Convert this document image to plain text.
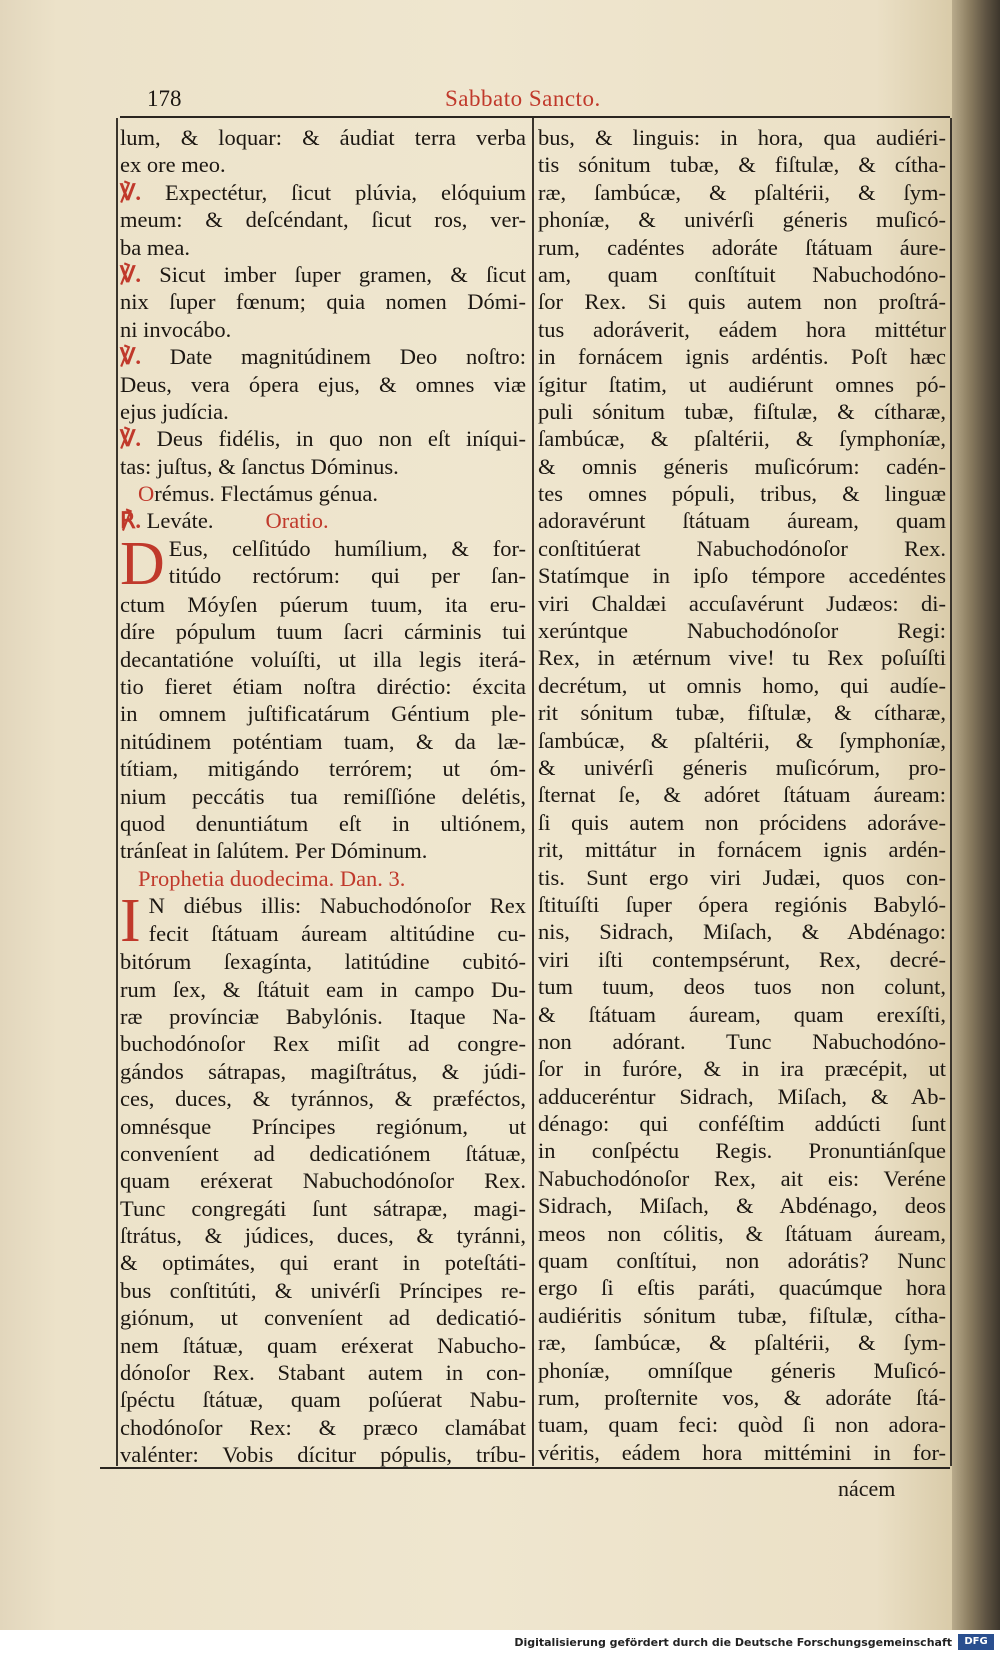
178	Sabbato Sancto.
lum, & loquar: & áudiat terra verba
ex ore meo.
℣. Expectétur, ſicut plúvia, elóquium
meum: & deſcéndant, ſicut ros, ver-
ba mea.
℣. Sicut imber ſuper gramen, & ſicut
nix ſuper fœnum; quia nomen Dómi-
ni invocábo.
℣. Date magnitúdinem Deo noſtro:
Deus, vera ópera ejus, & omnes viæ
ejus judícia.
℣. Deus fidélis, in quo non eſt iníqui-
tas: juſtus, & ſanctus Dóminus.
Orémus. Flectámus génua.
℟. Leváte. Oratio.
D Eus, celſitúdo humílium, & for-
titúdo rectórum: qui per ſan-
ctum Móyſen púerum tuum, ita eru-
díre pópulum tuum ſacri cárminis tui
decantatióne voluíſti, ut illa legis iterá-
tio fieret étiam noſtra diréctio: éxcita
in omnem juſtificatárum Géntium ple-
nitúdinem poténtiam tuam, & da læ-
títiam, mitigándo terrórem; ut óm-
nium peccátis tua remiſſióne delétis,
quod denuntiátum eſt in ultiónem,
tránſeat in ſalútem. Per Dóminum.
Prophetia duodecima. Dan. 3.
I N diébus illis: Nabuchodónoſor Rex
fecit ſtátuam áuream altitúdine cu-
bitórum ſexagínta, latitúdine cubitó-
rum ſex, & ſtátuit eam in campo Du-
ræ provínciæ Babylónis. Itaque Na-
buchodónoſor Rex miſit ad congre-
gándos sátrapas, magiſtrátus, & júdi-
ces, duces, & tyránnos, & præféctos,
omnésque Príncipes regiónum, ut
conveníent ad dedicatiónem ſtátuæ,
quam eréxerat Nabuchodónoſor Rex.
Tunc congregáti ſunt sátrapæ, magi-
ſtrátus, & júdices, duces, & tyránni,
& optimátes, qui erant in poteſtáti-
bus conſtitúti, & univérſi Príncipes re-
giónum, ut conveníent ad dedicatió-
nem ſtátuæ, quam eréxerat Nabucho-
dónoſor Rex. Stabant autem in con-
ſpéctu ſtátuæ, quam poſúerat Nabu-
chodónoſor Rex: & præco clamábat
valénter: Vobis dícitur pópulis, tríbu-
bus, & linguis: in hora, qua audiéri-
tis sónitum tubæ, & fiſtulæ, & cítha-
ræ, ſambúcæ, & pſaltérii, & ſym-
phoníæ, & univérſi géneris muſicó-
rum, cadéntes adoráte ſtátuam áure-
am, quam conſtítuit Nabuchodóno-
ſor Rex. Si quis autem non proſtrá-
tus adoráverit, eádem hora mittétur
in fornácem ignis ardéntis. Poſt hæc
ígitur ſtatim, ut audiérunt omnes pó-
puli sónitum tubæ, fiſtulæ, & cítharæ,
ſambúcæ, & pſaltérii, & ſymphoníæ,
& omnis géneris muſicórum: cadén-
tes omnes pópuli, tribus, & linguæ
adoravérunt ſtátuam áuream, quam
conſtitúerat Nabuchodónoſor Rex.
Statímque in ipſo témpore accedéntes
viri Chaldæi accuſavérunt Judæos: di-
xerúntque Nabuchodónoſor Regi:
Rex, in ætérnum vive! tu Rex poſuíſti
decrétum, ut omnis homo, qui audíe-
rit sónitum tubæ, fiſtulæ, & cítharæ,
ſambúcæ, & pſaltérii, & ſymphoníæ,
& univérſi géneris muſicórum, pro-
ſternat ſe, & adóret ſtátuam áuream:
ſi quis autem non prócidens adoráve-
rit, mittátur in fornácem ignis ardén-
tis. Sunt ergo viri Judæi, quos con-
ſtituíſti ſuper ópera regiónis Babyló-
nis, Sidrach, Miſach, & Abdénago:
viri iſti contempsérunt, Rex, decré-
tum tuum, deos tuos non colunt,
& ſtátuam áuream, quam erexíſti,
non adórant. Tunc Nabuchodóno-
ſor in furóre, & in ira præcépit, ut
adduceréntur Sidrach, Miſach, & Ab-
dénago: qui conféſtim addúcti ſunt
in conſpéctu Regis. Pronuntiánſque
Nabuchodónoſor Rex, ait eis: Veréne
Sidrach, Miſach, & Abdénago, deos
meos non cólitis, & ſtátuam áuream,
quam conſtítui, non adorátis? Nunc
ergo ſi eſtis paráti, quacúmque hora
audiéritis sónitum tubæ, fiſtulæ, cítha-
ræ, ſambúcæ, & pſaltérii, & ſym-
phoníæ, omníſque géneris Muſicó-
rum, proſternite vos, & adoráte ſtá-
tuam, quam feci: quòd ſi non adora-
véritis, eádem hora mittémini in for-
nácem
Digitalisierung gefördert durch die Deutsche Forschungsgemeinschaft	DFG
